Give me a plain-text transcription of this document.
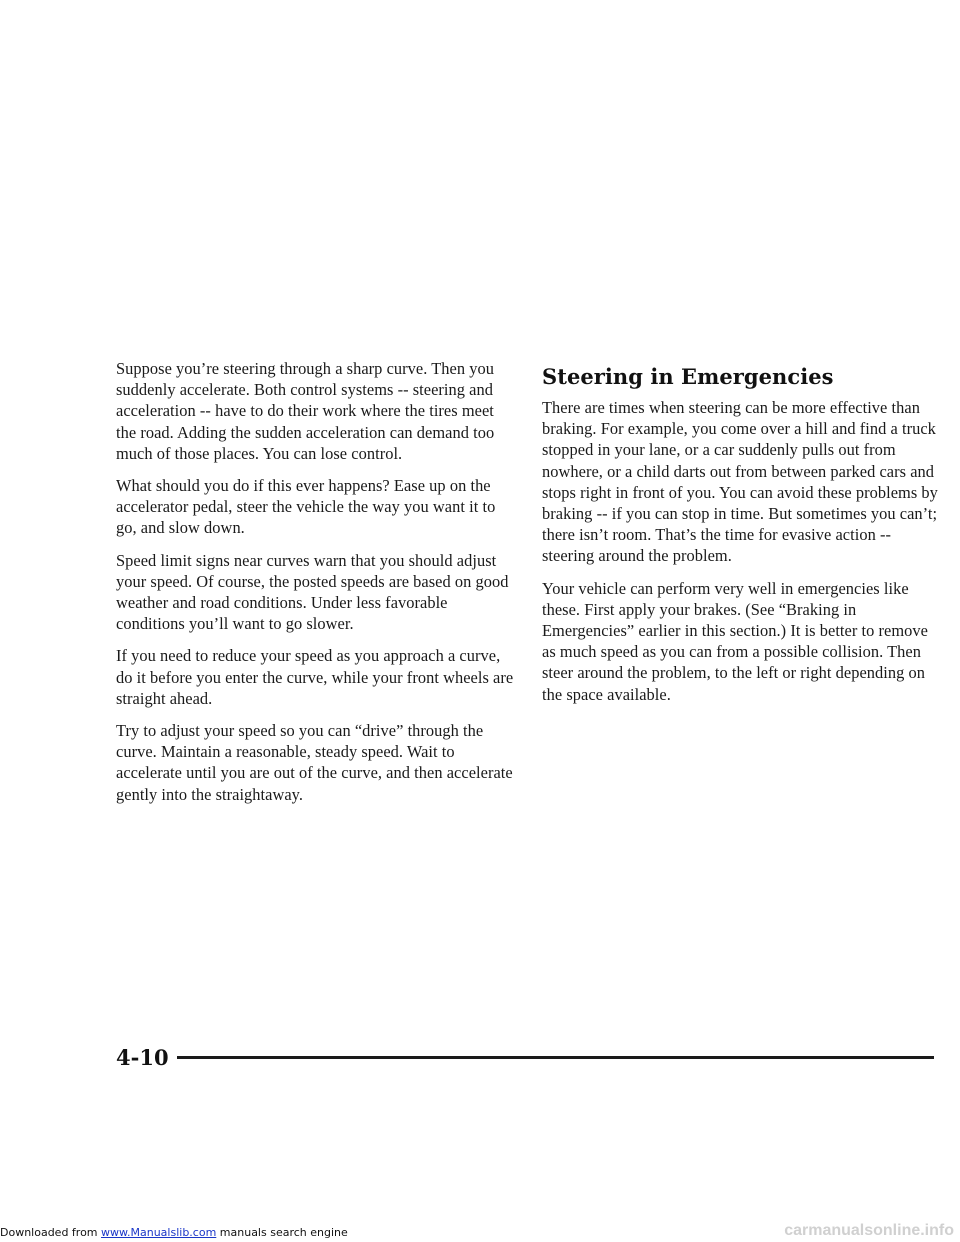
Suppose you’re steering through a sharp curve. Then you suddenly accelerate. Both control systems -- steering and acceleration -- have to do their work where the tires meet the road. Adding the sudden acceleration can demand too much of those places. You can lose control.

What should you do if this ever happens? Ease up on the accelerator pedal, steer the vehicle the way you want it to go, and slow down.

Speed limit signs near curves warn that you should adjust your speed. Of course, the posted speeds are based on good weather and road conditions. Under less favorable conditions you’ll want to go slower.

If you need to reduce your speed as you approach a curve, do it before you enter the curve, while your front wheels are straight ahead.

Try to adjust your speed so you can “drive” through the curve. Maintain a reasonable, steady speed. Wait to accelerate until you are out of the curve, and then accelerate gently into the straightaway.

Steering in Emergencies

There are times when steering can be more effective than braking. For example, you come over a hill and find a truck stopped in your lane, or a car suddenly pulls out from nowhere, or a child darts out from between parked cars and stops right in front of you. You can avoid these problems by braking -- if you can stop in time. But sometimes you can’t; there isn’t room. That’s the time for evasive action -- steering around the problem.

Your vehicle can perform very well in emergencies like these. First apply your brakes. (See “Braking in Emergencies” earlier in this section.) It is better to remove as much speed as you can from a possible collision. Then steer around the problem, to the left or right depending on the space available.

4-10
Downloaded from www.Manualslib.com manuals search engine	carmanualsonline.info
